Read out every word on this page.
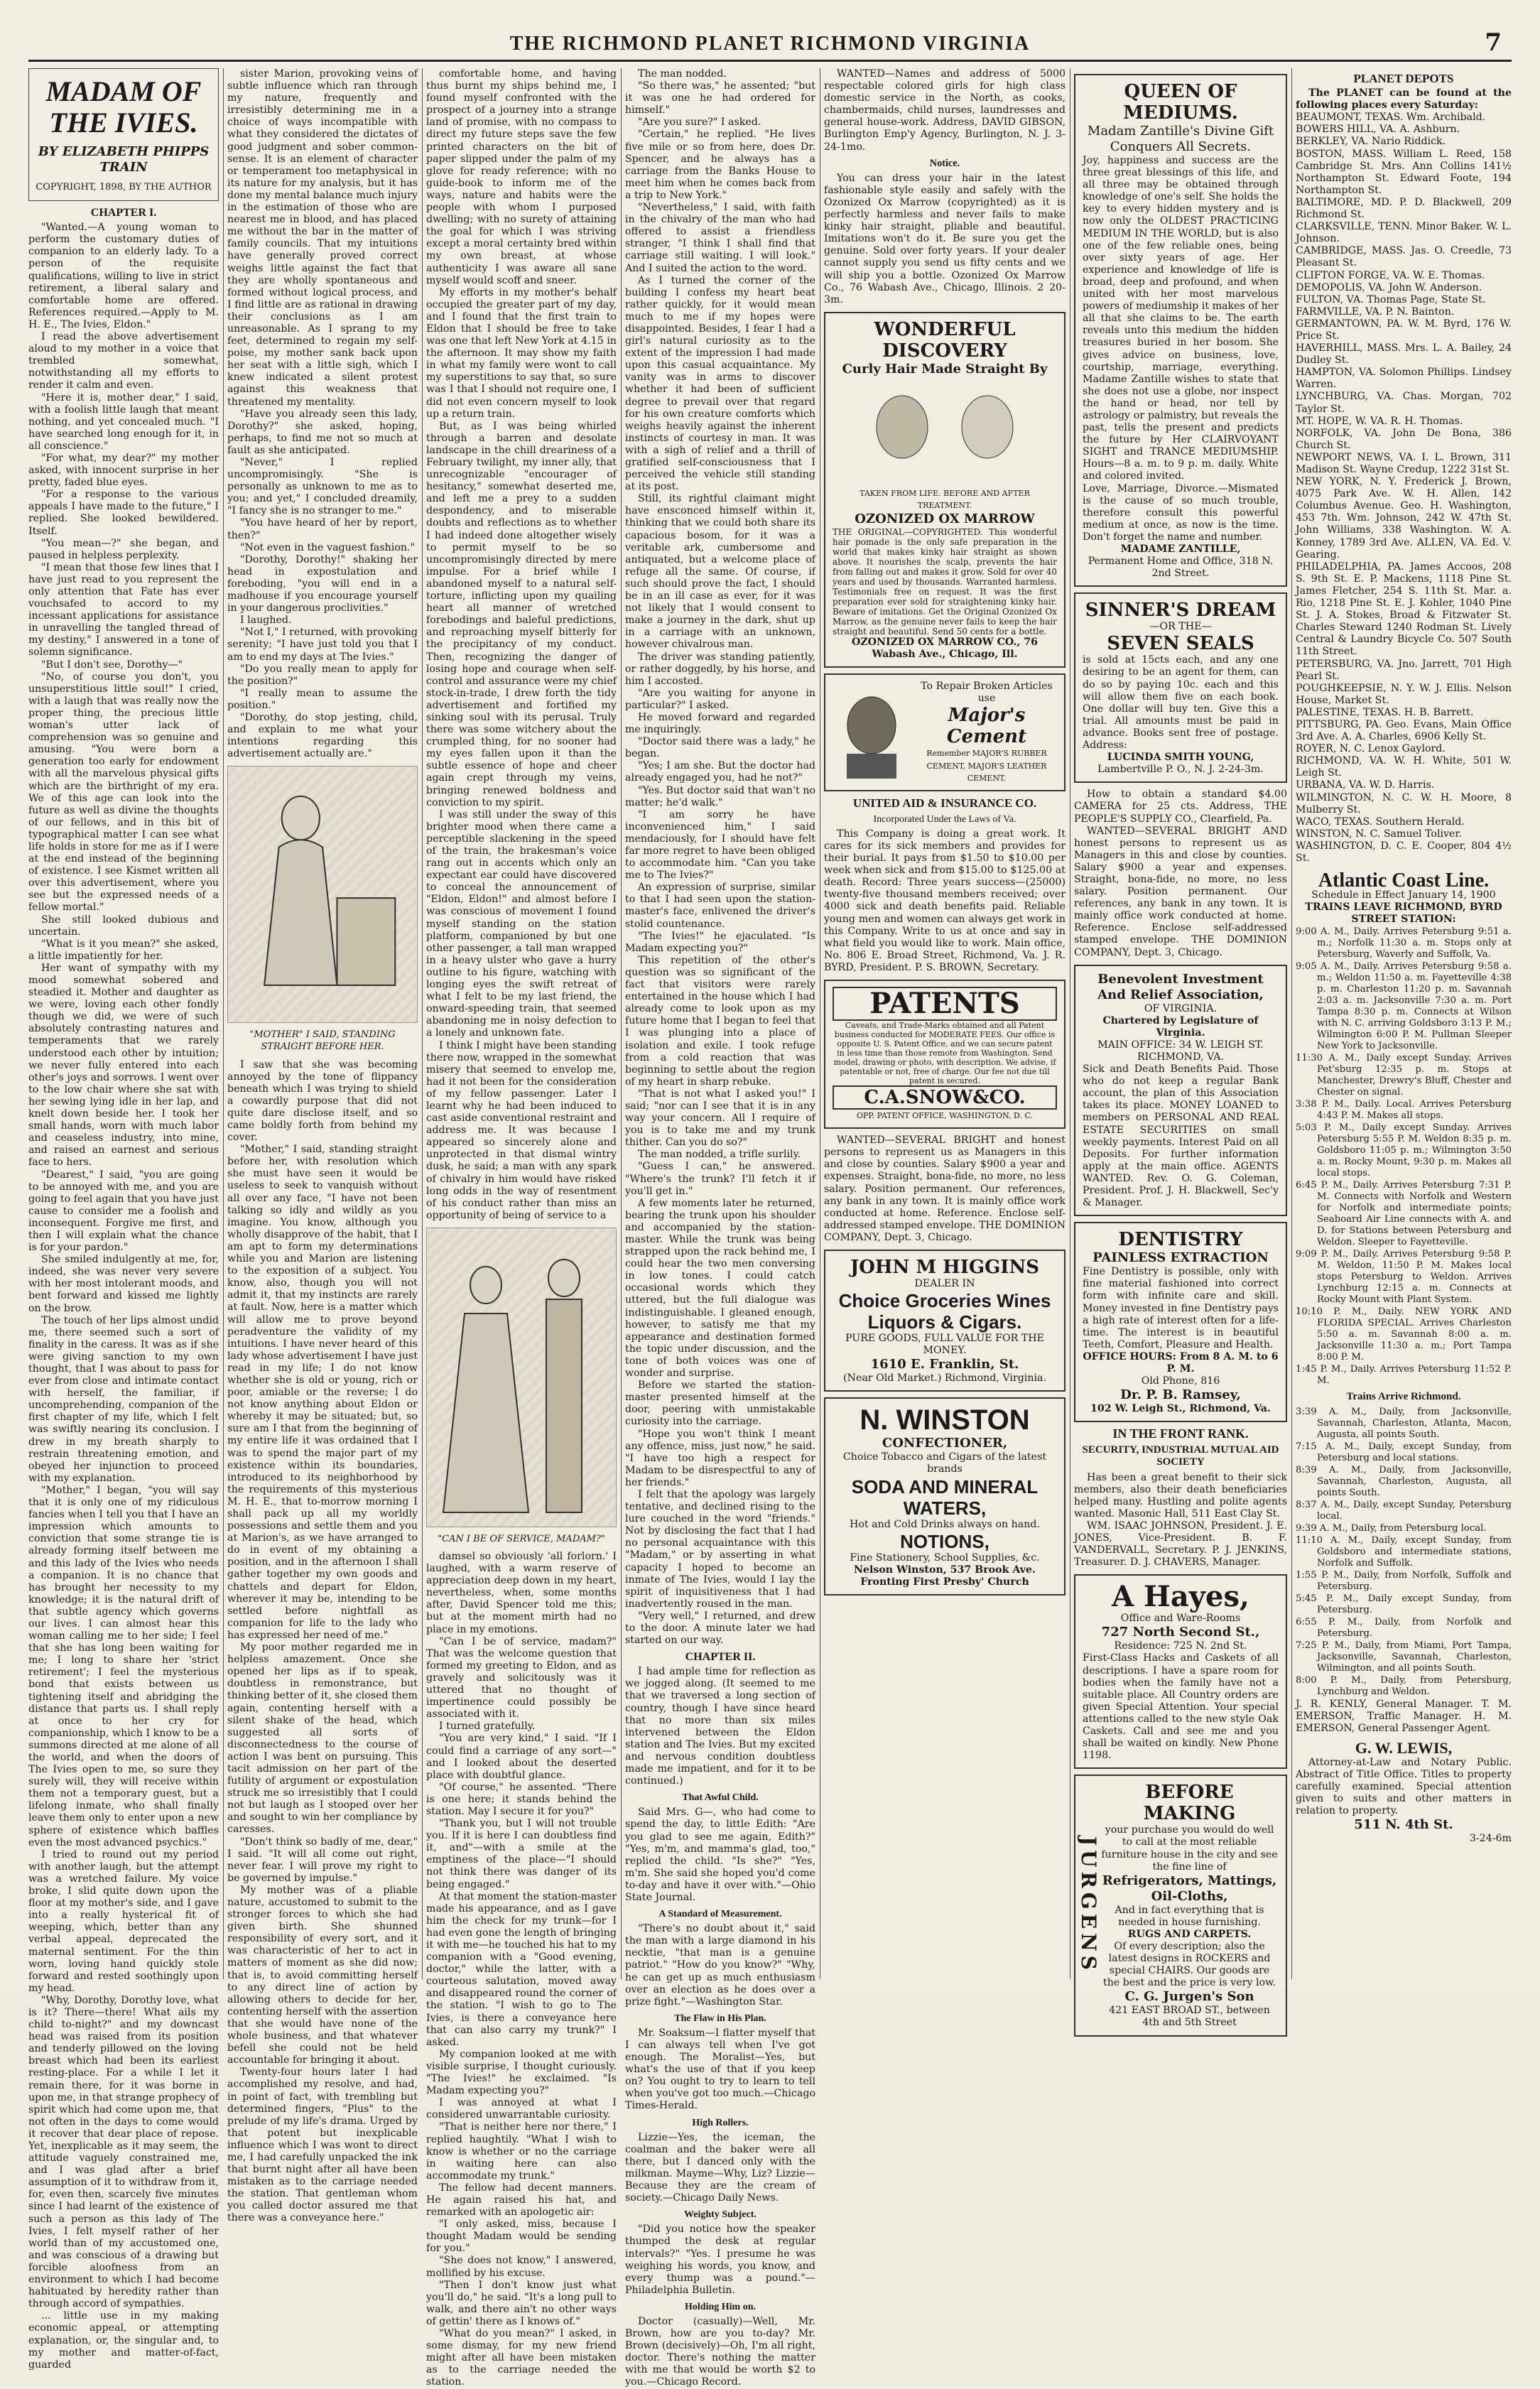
THE RICHMOND PLANET RICHMOND VIRGINIA	7
MADAM OF THE IVIES.
BY ELIZABETH PHIPPS TRAIN
COPYRIGHT, 1898, BY THE AUTHOR
CHAPTER I.

"Wanted.—A young woman to perform the customary duties of companion to an elderly lady. To a person of the requisite qualifications, willing to live in strict retirement, a liberal salary and comfortable home are offered. References required.—Apply to M. H. E., The Ivies, Eldon."

I read the above advertisement aloud to my mother in a voice that trembled somewhat, notwithstanding all my efforts to render it calm and even.

"Here it is, mother dear," I said, with a foolish little laugh that meant nothing, and yet concealed much. "I have searched long enough for it, in all conscience."

"For what, my dear?" my mother asked, with innocent surprise in her pretty, faded blue eyes.

"For a response to the various appeals I have made to the future," I replied. She looked bewildered. Itself.

"You mean—?" she began, and paused in helpless perplexity.

"I mean that those few lines that I have just read to you represent the only attention that Fate has ever vouchsafed to accord to my incessant applications for assistance in unravelling the tangled thread of my destiny," I answered in a tone of solemn significance.

"But I don't see, Dorothy—"

"No, of course you don't, you unsuperstitious little soul!" I cried, with a laugh that was really now the proper thing, the precious little woman's utter lack of comprehension was so genuine and amusing. "You were born a generation too early for endowment with all the marvelous physical gifts which are the birthright of my era. We of this age can look into the future as well as divine the thoughts of our fellows, and in this bit of typographical matter I can see what life holds in store for me as if I were at the end instead of the beginning of existence. I see Kismet written all over this advertisement, where you see but the expressed needs of a fellow mortal."

She still looked dubious and uncertain.

"What is it you mean?" she asked, a little impatiently for her.

Her want of sympathy with my mood somewhat sobered and steadied it. Mother and daughter as we were, loving each other fondly though we did, we were of such absolutely contrasting natures and temperaments that we rarely understood each other by intuition; we never fully entered into each other's joys and sorrows. I went over to the low chair where she sat with her sewing lying idle in her lap, and knelt down beside her. I took her small hands, worn with much labor and ceaseless industry, into mine, and raised an earnest and serious face to hers.

"Dearest," I said, "you are going to be annoyed with me, and you are going to feel again that you have just cause to consider me a foolish and inconsequent. Forgive me first, and then I will explain what the chance is for your pardon."

She smiled indulgently at me, for, indeed, she was never very severe with her most intolerant moods, and bent forward and kissed me lightly on the brow.

The touch of her lips almost undid me, there seemed such a sort of finality in the caress. It was as if she were giving sanction to my own thought, that I was about to pass for ever from close and intimate contact with herself, the familiar, if uncomprehending, companion of the first chapter of my life, which I felt was swiftly nearing its conclusion. I drew in my breath sharply to restrain threatening emotion, and obeyed her injunction to proceed with my explanation.

"Mother," I began, "you will say that it is only one of my ridiculous fancies when I tell you that I have an impression which amounts to conviction that some strange tie is already forming itself between me and this lady of the Ivies who needs a companion. It is no chance that has brought her necessity to my knowledge; it is the natural drift of that subtle agency which governs our lives. I can almost hear this woman calling me to her side; I feel that she has long been waiting for me; I long to share her 'strict retirement'; I feel the mysterious bond that exists between us tightening itself and abridging the distance that parts us. I shall reply at once to her cry for companionship, which I know to be a summons directed at me alone of all the world, and when the doors of The Ivies open to me, so sure they surely will, they will receive within them not a temporary guest, but a lifelong inmate, who shall finally leave them only to enter upon a new sphere of existence which baffles even the most advanced psychics."

I tried to round out my period with another laugh, but the attempt was a wretched failure. My voice broke, I slid quite down upon the floor at my mother's side, and I gave into a really hysterical fit of weeping, which, better than any verbal appeal, deprecated the maternal sentiment. For the thin worn, loving hand quickly stole forward and rested soothingly upon my head.

"Why, Dorothy, Dorothy love, what is it? There—there! What ails my child to-night?" and my downcast head was raised from its position and tenderly pillowed on the loving breast which had been its earliest resting-place. For a while I let it remain there, for it was borne in upon me, in that strange prophecy of spirit which had come upon me, that not often in the days to come would it recover that dear place of repose. Yet, inexplicable as it may seem, the attitude vaguely constrained me, and I was glad after a brief assumption of it to withdraw from it, for, even then, scarcely five minutes since I had learnt of the existence of such a person as this lady of The Ivies, I felt myself rather of her world than of my accustomed one, and was conscious of a drawing but forcible aloofness from an environment to which I had become habituated by heredity rather than through accord of sympathies.

... little use in my making economic appeal, or attempting explanation, or, the singular and, to my mother and matter-of-fact, guarded

sister Marion, provoking veins of subtle influence which ran through my nature, frequently and irresistibly determining me in a choice of ways incompatible with what they considered the dictates of good judgment and sober common-sense. It is an element of character or temperament too metaphysical in its nature for my analysis, but it has done my mental balance much injury in the estimation of those who are nearest me in blood, and has placed me without the bar in the matter of family councils. That my intuitions have generally proved correct weighs little against the fact that they are wholly spontaneous and formed without logical process, and I find little are as rational in drawing their conclusions as I am unreasonable. As I sprang to my feet, determined to regain my self-poise, my mother sank back upon her seat with a little sigh, which I knew indicated a silent protest against this weakness that threatened my mentality.

"Have you already seen this lady, Dorothy?" she asked, hoping, perhaps, to find me not so much at fault as she anticipated.

"Never," I replied uncompromisingly. "She is personally as unknown to me as to you; and yet," I concluded dreamily, "I fancy she is no stranger to me."

"You have heard of her by report, then?"

"Not even in the vaguest fashion."

"Dorothy, Dorothy!" shaking her head in expostulation and foreboding, "you will end in a madhouse if you encourage yourself in your dangerous proclivities."

I laughed.

"Not I," I returned, with provoking serenity; "I have just told you that I am to end my days at The Ivies."

"Do you really mean to apply for the position?"

"I really mean to assume the position."

"Dorothy, do stop jesting, child, and explain to me what your intentions regarding this advertisement actually are."

"MOTHER" I SAID, STANDING STRAIGHT BEFORE HER.

I saw that she was becoming annoyed by the tone of flippancy beneath which I was trying to shield a cowardly purpose that did not quite dare disclose itself, and so came boldly forth from behind my cover.

"Mother," I said, standing straight before her, with resolution which she must have seen it would be useless to seek to vanquish without all over any face, "I have not been talking so idly and wildly as you imagine. You know, although you wholly disapprove of the habit, that I am apt to form my determinations while you and Marion are listening to the exposition of a subject. You know, also, though you will not admit it, that my instincts are rarely at fault. Now, here is a matter which will allow me to prove beyond peradventure the validity of my intuitions. I have never heard of this lady whose advertisement I have just read in my life; I do not know whether she is old or young, rich or poor, amiable or the reverse; I do not know anything about Eldon or whereby it may be situated; but, so sure am I that from the beginning of my entire life it was ordained that I was to spend the major part of my existence within its boundaries, introduced to its neighborhood by the requirements of this mysterious M. H. E., that to-morrow morning I shall pack up all my worldly possessions and settle them and you at Marion's, as we have arranged to do in event of my obtaining a position, and in the afternoon I shall gather together my own goods and chattels and depart for Eldon, wherever it may be, intending to be settled before nightfall as companion for life to the lady who has expressed her need of me."

My poor mother regarded me in helpless amazement. Once she opened her lips as if to speak, doubtless in remonstrance, but thinking better of it, she closed them again, contenting herself with a silent shake of the head, which suggested all sorts of disconnectedness to the course of action I was bent on pursuing. This tacit admission on her part of the futility of argument or expostulation struck me so irresistibly that I could not but laugh as I stooped over her and sought to win her compliance by caresses.

"Don't think so badly of me, dear," I said. "It will all come out right, never fear. I will prove my right to be governed by impulse."

My mother was of a pliable nature, accustomed to submit to the stronger forces to which she had given birth. She shunned responsibility of every sort, and it was characteristic of her to act in matters of moment as she did now; that is, to avoid committing herself to any direct line of action by allowing others to decide for her, contenting herself with the assertion that she would have none of the whole business, and that whatever befell she could not be held accountable for bringing it about.

Twenty-four hours later I had accomplished my resolve, and had, in point of fact, with trembling but determined fingers, "Plus" to the prelude of my life's drama. Urged by that potent but inexplicable influence which I was wont to direct me, I had carefully unpacked the ink that burnt night after all have been mistaken as to the carriage needed the station. That gentleman whom you called doctor assured me that there was a conveyance here."

comfortable home, and having thus burnt my ships behind me, I found myself confronted with the prospect of a journey into a strange land of promise, with no compass to direct my future steps save the few printed characters on the bit of paper slipped under the palm of my glove for ready reference; with no guide-book to inform me of the ways, nature and habits were the people with whom I purposed dwelling; with no surety of attaining the goal for which I was striving except a moral certainty bred within my own breast, at whose authenticity I was aware all sane myself would scoff and sneer.

My efforts in my mother's behalf occupied the greater part of my day, and I found that the first train to Eldon that I should be free to take was one that left New York at 4.15 in the afternoon. It may show my faith in what my family were wont to call my superstitions to say that, so sure was I that I should not require one, I did not even concern myself to look up a return train.

But, as I was being whirled through a barren and desolate landscape in the chill dreariness of a February twilight, my inner ally, that unrecognizable "encourager of hesitancy," somewhat deserted me, and left me a prey to a sudden despondency, and to miserable doubts and reflections as to whether I had indeed done altogether wisely to permit myself to be so uncompromisingly directed by mere impulse. For a brief while I abandoned myself to a natural self-torture, inflicting upon my quailing heart all manner of wretched forebodings and baleful predictions, and reproaching myself bitterly for the precipitancy of my conduct. Then, recognizing the danger of losing hope and courage when self-control and assurance were my chief stock-in-trade, I drew forth the tidy advertisement and fortified my sinking soul with its perusal. Truly there was some witchery about the crumpled thing, for no sooner had my eyes fallen upon it than the subtle essence of hope and cheer again crept through my veins, bringing renewed boldness and conviction to my spirit.

I was still under the sway of this brighter mood when there came a perceptible slackening in the speed of the train, the brakesman's voice rang out in accents which only an expectant ear could have discovered to conceal the announcement of "Eldon, Eldon!" and almost before I was conscious of movement I found myself standing on the station platform, companioned by but one other passenger, a tall man wrapped in a heavy ulster who gave a hurry outline to his figure, watching with longing eyes the swift retreat of what I felt to be my last friend, the onward-speeding train, that seemed abandoning me in noisy defection to a lonely and unknown fate.

I think I might have been standing there now, wrapped in the somewhat misery that seemed to envelop me, had it not been for the consideration of my fellow passenger. Later I learnt why he had been induced to cast aside conventional restraint and address me. It was because I appeared so sincerely alone and unprotected in that dismal wintry dusk, he said; a man with any spark of chivalry in him would have risked long odds in the way of resentment of his conduct rather than miss an opportunity of being of service to a

"CAN I BE OF SERVICE, MADAM?"

damsel so obviously 'all forlorn.' I laughed, with a warm reserve of appreciation deep down in my heart, nevertheless, when, some months after, David Spencer told me this; but at the moment mirth had no place in my emotions.

"Can I be of service, madam?" That was the welcome question that formed my greeting to Eldon, and as gravely and solicitously was it uttered that no thought of impertinence could possibly be associated with it.

I turned gratefully.

"You are very kind," I said. "If I could find a carriage of any sort—" and I looked about the deserted place with doubtful glance.

"Of course," he assented. "There is one here; it stands behind the station. May I secure it for you?"

"Thank you, but I will not trouble you. If it is here I can doubtless find it, and"—with a smile at the emptiness of the place—"I should not think there was danger of its being engaged."

At that moment the station-master made his appearance, and as I gave him the check for my trunk—for I had even gone the length of bringing it with me—he touched his hat to my companion with a "Good evening, doctor," while the latter, with a courteous salutation, moved away and disappeared round the corner of the station. "I wish to go to The Ivies, is there a conveyance here that can also carry my trunk?" I asked.

My companion looked at me with visible surprise, I thought curiously. "The Ivies!" he exclaimed. "Is Madam expecting you?"

I was annoyed at what I considered unwarrantable curiosity.

"That is neither here nor there," I replied haughtily. "What I wish to know is whether or no the carriage in waiting here can also accommodate my trunk."

The fellow had decent manners. He again raised his hat, and remarked with an apologetic air:

"I only asked, miss, because I thought Madam would be sending for you."

"She does not know," I answered, mollified by his excuse.

"Then I don't know just what you'll do," he said. "It's a long pull to walk, and there ain't no other ways of gettin' there as I knows of."

"What do you mean?" I asked, in some dismay, for my new friend might after all have been mistaken as to the carriage needed the station.

The man nodded.

"So there was," he assented; "but it was one he had ordered for himself."

"Are you sure?" I asked.

"Certain," he replied. "He lives five mile or so from here, does Dr. Spencer, and he always has a carriage from the Banks House to meet him when he comes back from a trip to New York."

"Nevertheless," I said, with faith in the chivalry of the man who had offered to assist a friendless stranger, "I think I shall find that carriage still waiting. I will look." And I suited the action to the word.

As I turned the corner of the building I confess my heart beat rather quickly, for it would mean much to me if my hopes were disappointed. Besides, I fear I had a girl's natural curiosity as to the extent of the impression I had made upon this casual acquaintance. My vanity was in arms to discover whether it had been of sufficient degree to prevail over that regard for his own creature comforts which weighs heavily against the inherent instincts of courtesy in man. It was with a sigh of relief and a thrill of gratified self-consciousness that I perceived the vehicle still standing at its post.

Still, its rightful claimant might have ensconced himself within it, thinking that we could both share its capacious bosom, for it was a veritable ark, cumbersome and antiquated, but a welcome place of refuge all the same. Of course, if such should prove the fact, I should be in an ill case as ever, for it was not likely that I would consent to make a journey in the dark, shut up in a carriage with an unknown, however chivalrous man.

The driver was standing patiently, or rather doggedly, by his horse, and him I accosted.

"Are you waiting for anyone in particular?" I asked.

He moved forward and regarded me inquiringly.

"Doctor said there was a lady," he began.

"Yes; I am she. But the doctor had already engaged you, had he not?"

"Yes. But doctor said that wan't no matter; he'd walk."

"I am sorry he have inconvenienced him," I said mendaciously, for I should have felt far more regret to have been obliged to accommodate him. "Can you take me to The Ivies?"

An expression of surprise, similar to that I had seen upon the station-master's face, enlivened the driver's stolid countenance.

"The Ivies!" he ejaculated. "Is Madam expecting you?"

This repetition of the other's question was so significant of the fact that visitors were rarely entertained in the house which I had already come to look upon as my future home that I began to feel that I was plunging into a place of isolation and exile. I took refuge from a cold reaction that was beginning to settle about the region of my heart in sharp rebuke.

"That is not what I asked you!" I said; "nor can I see that it is in any way your concern. All I require of you is to take me and my trunk thither. Can you do so?"

The man nodded, a trifle surlily.

"Guess I can," he answered. "Where's the trunk? I'll fetch it if you'll get in."

A few moments later he returned, bearing the trunk upon his shoulder and accompanied by the station-master. While the trunk was being strapped upon the rack behind me, I could hear the two men conversing in low tones. I could catch occasional words which they uttered, but the full dialogue was indistinguishable. I gleaned enough, however, to satisfy me that my appearance and destination formed the topic under discussion, and the tone of both voices was one of wonder and surprise.

Before we started the station-master presented himself at the door, peering with unmistakable curiosity into the carriage.

"Hope you won't think I meant any offence, miss, just now," he said. "I have too high a respect for Madam to be disrespectful to any of her friends."

I felt that the apology was largely tentative, and declined rising to the lure couched in the word "friends." Not by disclosing the fact that I had no personal acquaintance with this "Madam," or by asserting in what capacity I hoped to become an inmate of The Ivies, would I lay the spirit of inquisitiveness that I had inadvertently roused in the man.

"Very well," I returned, and drew to the door. A minute later we had started on our way.

CHAPTER II.

I had ample time for reflection as we jogged along. (It seemed to me that we traversed a long section of country, though I have since heard that no more than six miles intervened between the Eldon station and The Ivies. But my excited and nervous condition doubtless made me impatient, and for it to be continued.)

That Awful Child.

Said Mrs. G—, who had come to spend the day, to little Edith: "Are you glad to see me again, Edith?" "Yes, m'm, and mamma's glad, too," replied the child. "Is she?" "Yes, m'm. She said she hoped you'd come to-day and have it over with."—Ohio State Journal.

A Standard of Measurement.

"There's no doubt about it," said the man with a large diamond in his necktie, "that man is a genuine patriot." "How do you know?" "Why, he can get up as much enthusiasm over an election as he does over a prize fight."—Washington Star.

The Flaw in His Plan.

Mr. Soaksum—I flatter myself that I can always tell when I've got enough. The Moralist—Yes, but what's the use of that if you keep on? You ought to try to learn to tell when you've got too much.—Chicago Times-Herald.

High Rollers.

Lizzie—Yes, the iceman, the coalman and the baker were all there, but I danced only with the milkman. Mayme—Why, Liz? Lizzie—Because they are the cream of society.—Chicago Daily News.

Weighty Subject.

"Did you notice how the speaker thumped the desk at regular intervals?" "Yes. I presume he was weighing his words, you know, and every thump was a pound."—Philadelphia Bulletin.

Holding Him on.

Doctor (casually)—Well, Mr. Brown, how are you to-day? Mr. Brown (decisively)—Oh, I'm all right, doctor. There's nothing the matter with me that would be worth $2 to you.—Chicago Record.

WANTED—Names and address of 5000 respectable colored girls for high class domestic service in the North, as cooks, chambermaids, child nurses, laundresses and general house-work. Address, DAVID GIBSON, Burlington Emp'y Agency, Burlington, N. J. 3-24-1mo.

Notice.

You can dress your hair in the latest fashionable style easily and safely with the Ozonized Ox Marrow (copyrighted) as it is perfectly harmless and never fails to make kinky hair straight, pliable and beautiful. Imitations won't do it. Be sure you get the genuine. Sold over forty years. If your dealer cannot supply you send us fifty cents and we will ship you a bottle. Ozonized Ox Marrow Co., 76 Wabash Ave., Chicago, Illinois. 2 20-3m.

WONDERFUL DISCOVERY
Curly Hair Made Straight By

TAKEN FROM LIFE. BEFORE AND AFTER TREATMENT.

OZONIZED OX MARROW

THE ORIGINAL—COPYRIGHTED. This wonderful hair pomade is the only safe preparation in the world that makes kinky hair straight as shown above. It nourishes the scalp, prevents the hair from falling out and makes it grow. Sold for over 40 years and used by thousands. Warranted harmless. Testimonials free on request. It was the first preparation ever sold for straightening kinky hair. Beware of imitations. Get the Original Ozonized Ox Marrow, as the genuine never fails to keep the hair straight and beautiful. Send 50 cents for a bottle.

OZONIZED OX MARROW CO., 76 Wabash Ave., Chicago, Ill.

To Repair Broken Articles use

Major's Cement

Remember MAJOR'S RUBBER CEMENT, MAJOR'S LEATHER CEMENT.

UNITED AID & INSURANCE CO.
Incorporated Under the Laws of Va.

This Company is doing a great work. It cares for its sick members and provides for their burial. It pays from $1.50 to $10.00 per week when sick and from $15.00 to $125.00 at death. Record: Three years success—(25000) twenty-five thousand members received; over 4000 sick and death benefits paid. Reliable young men and women can always get work in this Company. Write to us at once and say in what field you would like to work. Main office, No. 806 E. Broad Street, Richmond, Va. J. R. BYRD, President. P. S. BROWN, Secretary.

PATENTS

Caveats, and Trade-Marks obtained and all Patent business conducted for MODERATE FEES. Our office is opposite U. S. Patent Office, and we can secure patent in less time than those remote from Washington. Send model, drawing or photo, with description. We advise, if patentable or not, free of charge. Our fee not due till patent is secured.

C.A.SNOW&CO.

OPP. PATENT OFFICE, WASHINGTON, D. C.

WANTED—SEVERAL BRIGHT and honest persons to represent us as Managers in this and close by counties. Salary $900 a year and expenses. Straight, bona-fide, no more, no less salary. Position permanent. Our references, any bank in any town. It is mainly office work conducted at home. Reference. Enclose self-addressed stamped envelope. THE DOMINION COMPANY, Dept. 3, Chicago.

JOHN M HIGGINS

DEALER IN

Choice Groceries Wines Liquors & Cigars.

PURE GOODS, FULL VALUE FOR THE MONEY.

1610 E. Franklin, St.

(Near Old Market.) Richmond, Virginia.

N. WINSTON
CONFECTIONER,

Choice Tobacco and Cigars of the latest brands

SODA AND MINERAL WATERS,

Hot and Cold Drinks always on hand.

NOTIONS,

Fine Stationery, School Supplies, &c.

Nelson Winston, 537 Brook Ave. Fronting First Presby' Church

QUEEN OF MEDIUMS.
Madam Zantille's Divine Gift Conquers All Secrets.

Joy, happiness and success are the three great blessings of this life, and all three may be obtained through knowledge of one's self. She holds the key to every hidden mystery and is now only the OLDEST PRACTICING MEDIUM IN THE WORLD, but is also one of the few reliable ones, being over sixty years of age. Her experience and knowledge of life is broad, deep and profound, and when united with her most marvelous powers of mediumship it makes of her all that she claims to be. The earth reveals unto this medium the hidden treasures buried in her bosom. She gives advice on business, love, courtship, marriage, everything. Madame Zantille wishes to state that she does not use a globe, nor inspect the hand or head, nor tell by astrology or palmistry, but reveals the past, tells the present and predicts the future by Her CLAIRVOYANT SIGHT and TRANCE MEDIUMSHIP. Hours—8 a. m. to 9 p. m. daily. White and colored invited.

Love, Marriage, Divorce.—Mismated is the cause of so much trouble, therefore consult this powerful medium at once, as now is the time. Don't forget the name and number.

MADAME ZANTILLE,

Permanent Home and Office, 318 N. 2nd Street.

SINNER'S DREAM

—OR THE—

SEVEN SEALS

is sold at 15cts each, and any one desiring to be an agent for them, can do so by paying 10c. each and this will allow them five on each book. One dollar will buy ten. Give this a trial. All amounts must be paid in advance. Books sent free of postage. Address:

LUCINDA SMITH YOUNG,

Lambertville P. O., N. J. 2-24-3m.

How to obtain a standard $4.00 CAMERA for 25 cts. Address, THE PEOPLE'S SUPPLY CO., Clearfield, Pa.

WANTED—SEVERAL BRIGHT AND honest persons to represent us as Managers in this and close by counties. Salary $900 a year and expenses. Straight, bona-fide, no more, no less salary. Position permanent. Our references, any bank in any town. It is mainly office work conducted at home. Reference. Enclose self-addressed stamped envelope. THE DOMINION COMPANY, Dept. 3, Chicago.

Benevolent Investment And Relief Association,

OF VIRGINIA.

Chartered by Legislature of Virginia.

MAIN OFFICE: 34 W. LEIGH ST. RICHMOND, VA.

Sick and Death Benefits Paid. Those who do not keep a regular Bank account, the plan of this Association takes its place. MONEY LOANED to members on PERSONAL AND REAL ESTATE SECURITIES on small weekly payments. Interest Paid on all Deposits. For further information apply at the main office. AGENTS WANTED. Rev. O. G. Coleman, President. Prof. J. H. Blackwell, Sec'y & Manager.

DENTISTRY
PAINLESS EXTRACTION

Fine Dentistry is possible, only with fine material fashioned into correct form with infinite care and skill. Money invested in fine Dentistry pays a high rate of interest often for a life-time. The interest is in beautiful Teeth, Comfort, Pleasure and Health.

OFFICE HOURS: From 8 A. M. to 6 P. M.

Old Phone, 816

Dr. P. B. Ramsey,

102 W. Leigh St., Richmond, Va.

IN THE FRONT RANK.
SECURITY, INDUSTRIAL MUTUAL AID SOCIETY

Has been a great benefit to their sick members, also their death beneficiaries helped many. Hustling and polite agents wanted. Masonic Hall, 511 East Clay St.

WM. ISAAC JOHNSON, President. J. E. JONES, Vice-President. B. F. VANDERVALL, Secretary. P. J. JENKINS, Treasurer. D. J. CHAVERS, Manager.

A Hayes,

Office and Ware-Rooms

727 North Second St.,

Residence: 725 N. 2nd St.

First-Class Hacks and Caskets of all descriptions. I have a spare room for bodies when the family have not a suitable place. All Country orders are given Special Attention. Your special attentions called to the new style Oak Caskets. Call and see me and you shall be waited on kindly. New Phone 1198.

JURGENS
BEFORE MAKING

your purchase you would do well to call at the most reliable furniture house in the city and see the fine line of

Refrigerators, Mattings, Oil-Cloths,

And in fact everything that is needed in house furnishing.

RUGS AND CARPETS.

Of every description; also the latest designs in ROCKERS and special CHAIRS. Our goods are the best and the price is very low.

C. G. Jurgen's Son

421 EAST BROAD ST., between 4th and 5th Street

PLANET DEPOTS

The PLANET can be found at the following places every Saturday:

BEAUMONT, TEXAS. Wm. Archibald.

BOWERS HILL, VA. A. Ashburn.

BERKLEY, VA. Nario Riddick.

BOSTON, MASS. William L. Reed, 158 Cambridge St. Mrs. Ann Collins 141½ Northampton St. Edward Foote, 194 Northampton St.

BALTIMORE, MD. P. D. Blackwell, 209 Richmond St.

CLARKSVILLE, TENN. Minor Baker. W. L. Johnson.

CAMBRIDGE, MASS. Jas. O. Creedle, 73 Pleasant St.

CLIFTON FORGE, VA. W. E. Thomas.

DEMOPOLIS, VA. John W. Anderson.

FULTON, VA. Thomas Page, State St.

FARMVILLE, VA. P. N. Bainton.

GERMANTOWN, PA. W. M. Byrd, 176 W. Price St.

HAVERHILL, MASS. Mrs. L. A. Bailey, 24 Dudley St.

HAMPTON, VA. Solomon Phillips. Lindsey Warren.

LYNCHBURG, VA. Chas. Morgan, 702 Taylor St.

MT. HOPE, W. VA. R. H. Thomas.

NORFOLK, VA. John De Bona, 386 Church St.

NEWPORT NEWS, VA. I. L. Brown, 311 Madison St. Wayne Credup, 1222 31st St.

NEW YORK, N. Y. Frederick J. Brown, 4075 Park Ave. W. H. Allen, 142 Columbus Avenue. Geo. H. Washington, 453 7th. Wm. Johnson, 242 W. 47th St. John Williams, 338 Washington. W. A. Konney, 1789 3rd Ave. ALLEN, VA. Ed. V. Gearing.

PHILADELPHIA, PA. James Accoos, 208 S. 9th St. E. P. Mackens, 1118 Pine St. James Fletcher, 254 S. 11th St. Mar. a. Rio, 1218 Pine St. E. J. Kohler, 1040 Pine St. J. A. Stokes, Broad & Fitzwater St. Charles Steward 1240 Rodman St. Lively Central & Laundry Bicycle Co. 507 South 11th Street.

PETERSBURG, VA. Jno. Jarrett, 701 High Pearl St.

POUGHKEEPSIE, N. Y. W. J. Ellis. Nelson House, Market St.

PALESTINE, TEXAS. H. B. Barrett.

PITTSBURG, PA. Geo. Evans, Main Office 3rd Ave. A. A. Charles, 6906 Kelly St.

ROYER, N. C. Lenox Gaylord.

RICHMOND, VA. W. H. White, 501 W. Leigh St.

URBANA, VA. W. D. Harris.

WILMINGTON, N. C. W. H. Moore, 8 Mulberry St.

WACO, TEXAS. Southern Herald.

WINSTON, N. C. Samuel Toliver.

WASHINGTON, D. C. E. Cooper, 804 4½ St.

Atlantic Coast Line.

Schedule in Effect January 14, 1900

TRAINS LEAVE RICHMOND, BYRD STREET STATION:

9:00 A. M., Daily. Arrives Petersburg 9:51 a. m.; Norfolk 11:30 a. m. Stops only at Petersburg, Waverly and Suffolk, Va.

9:05 A. M., Daily. Arrives Petersburg 9:58 a. m.; Weldon 11:50 a. m. Fayetteville 4:38 p. m. Charleston 11:20 p. m. Savannah 2:03 a. m. Jacksonville 7:30 a. m. Port Tampa 8:30 p. m. Connects at Wilson with N. C. arriving Goldsboro 3:13 P. M.; Wilmington 6:00 P. M. Pullman Sleeper New York to Jacksonville.

11:30 A. M., Daily except Sunday. Arrives Pet'sburg 12:35 p. m. Stops at Manchester, Drewry's Bluff, Chester and Chester on signal.

3:38 P. M., Daily. Local. Arrives Petersburg 4:43 P. M. Makes all stops.

5:03 P. M., Daily except Sunday. Arrives Petersburg 5:55 P. M. Weldon 8:35 p. m. Goldsboro 11:05 p. m.; Wilmington 3:50 a. m. Rocky Mount, 9:30 p. m. Makes all local stops.

6:45 P. M., Daily. Arrives Petersburg 7:31 P. M. Connects with Norfolk and Western for Norfolk and intermediate points; Seaboard Air Line connects with A. and D. for Stations between Petersburg and Weldon. Sleeper to Fayetteville.

9:09 P. M., Daily. Arrives Petersburg 9:58 P. M. Weldon, 11:50 P. M. Makes local stops Petersburg to Weldon. Arrives Lynchburg 12:15 a. m. Connects at Rocky Mount with Plant System.

10:10 P. M., Daily. NEW YORK AND FLORIDA SPECIAL. Arrives Charleston 5:50 a. m. Savannah 8:00 a. m. Jacksonville 11:30 a. m.; Port Tampa 8:00 P. M.

1:45 P. M., Daily. Arrives Petersburg 11:52 P. M.

Trains Arrive Richmond.

3:39 A. M., Daily, from Jacksonville, Savannah, Charleston, Atlanta, Macon, Augusta, all points South.

7:15 A. M., Daily, except Sunday, from Petersburg and local stations.

8:39 A. M., Daily, from Jacksonville, Savannah, Charleston, Augusta, all points South.

8:37 A. M., Daily, except Sunday, Petersburg local.

9:39 A. M., Daily, from Petersburg local.

11:10 A. M., Daily, except Sunday, from Goldsboro and intermediate stations, Norfolk and Suffolk.

1:55 P. M., Daily, from Norfolk, Suffolk and Petersburg.

5:45 P. M., Daily except Sunday, from Petersburg.

6:55 P. M., Daily, from Norfolk and Petersburg.

7:25 P. M., Daily, from Miami, Port Tampa, Jacksonville, Savannah, Charleston, Wilmington, and all points South.

8:00 P. M., Daily, from Petersburg, Lynchburg and Weldon.

J. R. KENLY, General Manager. T. M. EMERSON, Traffic Manager. H. M. EMERSON, General Passenger Agent.

G. W. LEWIS,

Attorney-at-Law and Notary Public. Abstract of Title Office. Titles to property carefully examined. Special attention given to suits and other matters in relation to property.

511 N. 4th St.

3-24-6m
